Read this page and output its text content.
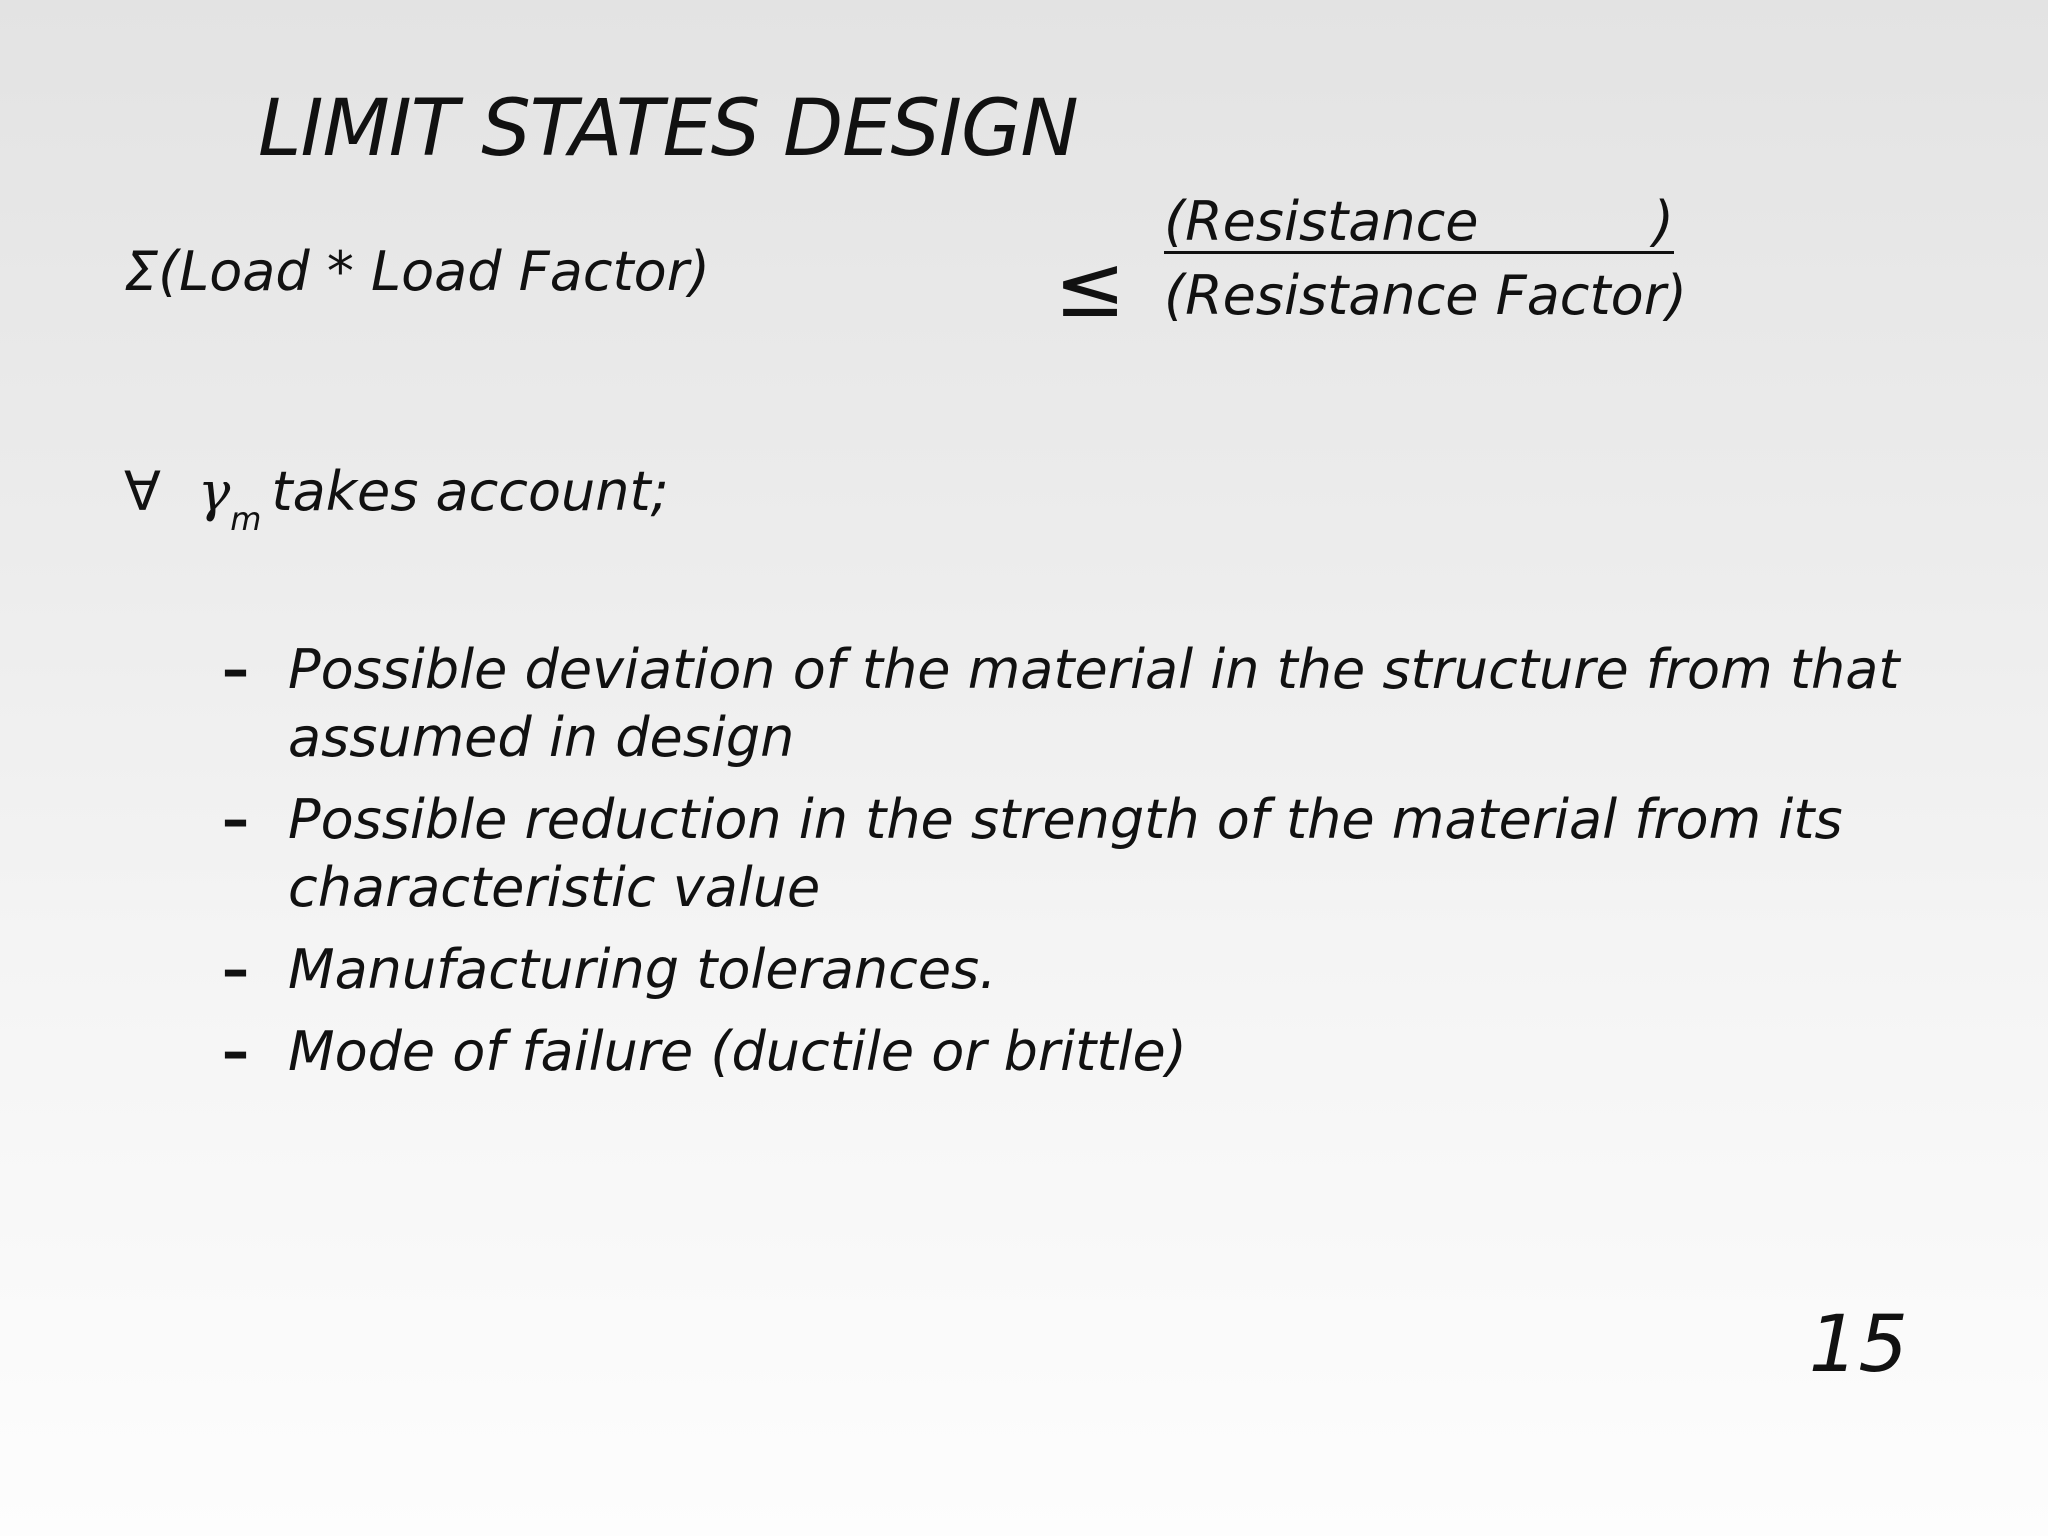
LIMIT STATES DESIGN
Σ(Load * Load Factor)	≤
(Resistance	)
(Resistance Factor)
∀ $\gamma_m$ takes account;
– Possible deviation of the material in the structure from that assumed in design
– Possible reduction in the strength of the material from its characteristic value
– Manufacturing tolerances.
– Mode of failure (ductile or brittle)
15
